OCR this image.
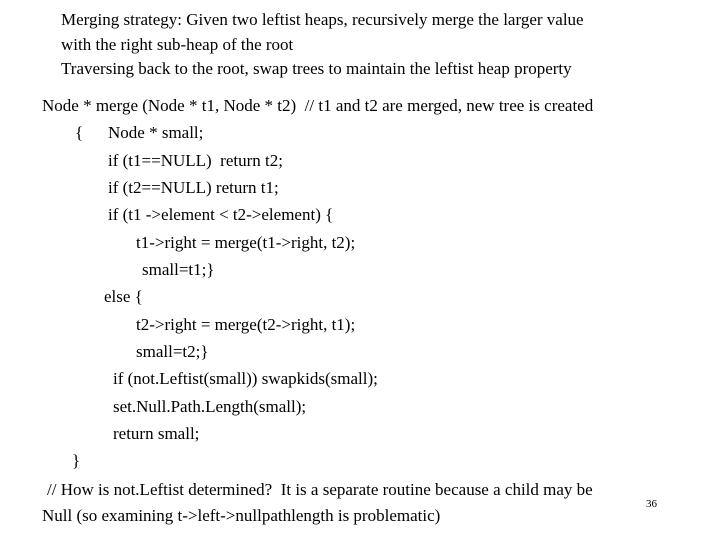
Merging strategy: Given two leftist heaps, recursively merge the larger value
with the right sub-heap of the root
Traversing back to the root, swap trees to maintain the leftist heap property
Node * merge (Node * t1, Node * t2)  // t1 and t2 are merged, new tree is created
{ Node * small;
if (t1==NULL)  return t2;
if (t2==NULL) return t1;
if (t1 ->element < t2->element) {
t1->right = merge(t1->right, t2);
small=t1;}
else {
t2->right = merge(t2->right, t1);
small=t2;}
if (not.Leftist(small)) swapkids(small);
set.Null.Path.Length(small);
return small;
}
// How is not.Leftist determined?  It is a separate routine because a child may be
Null (so examining t->left->nullpathlength is problematic)
36
